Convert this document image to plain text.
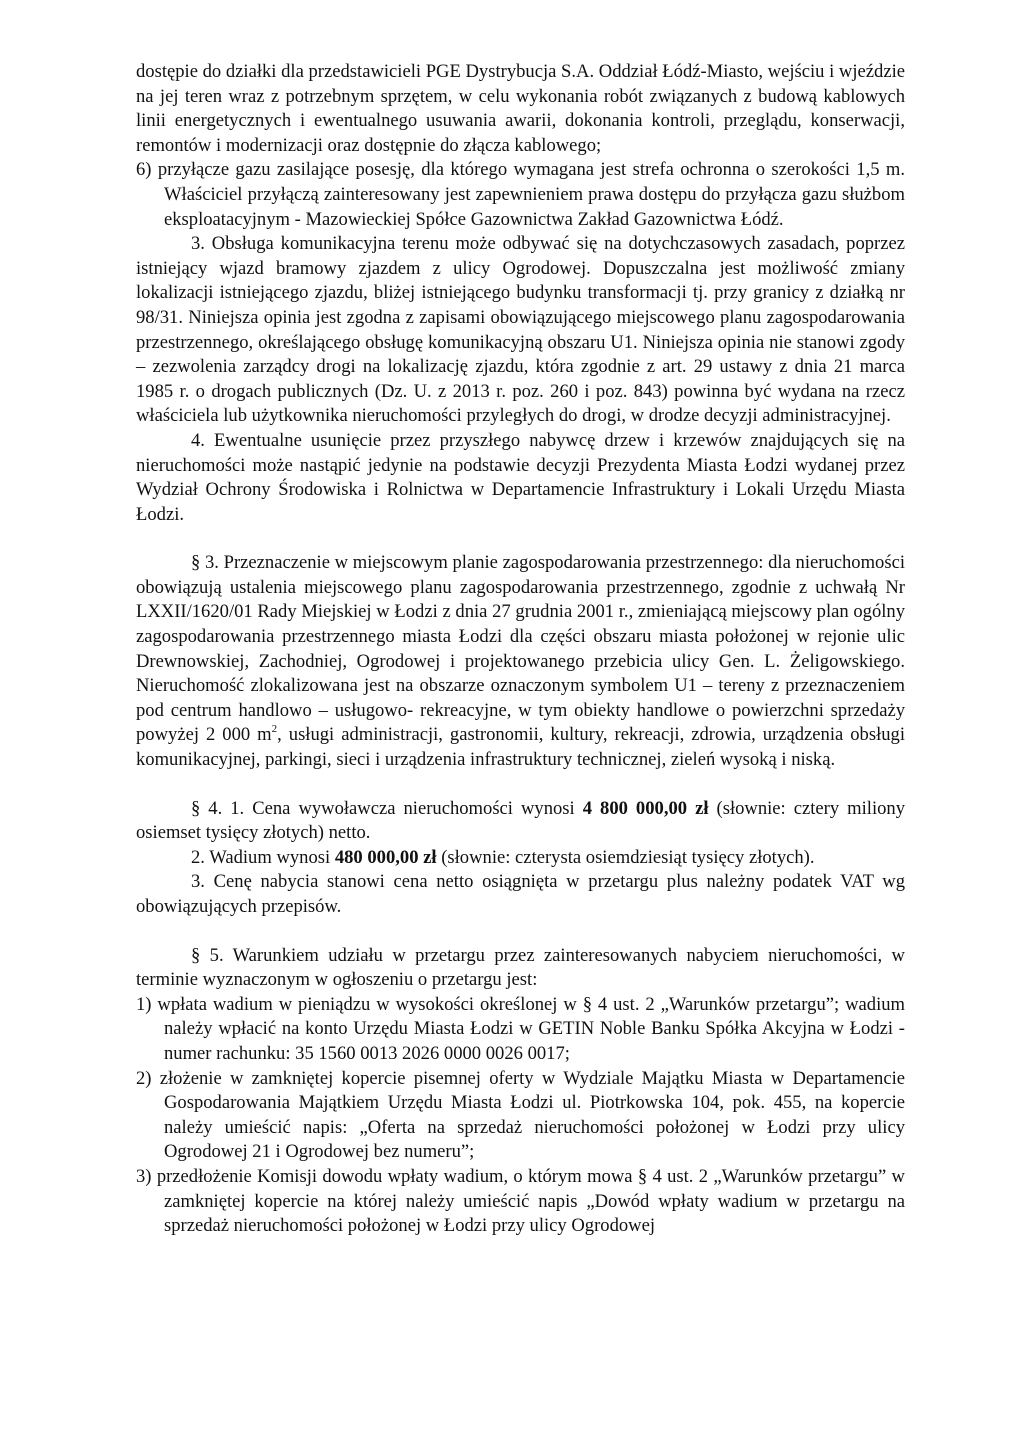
dostępie do działki dla przedstawicieli PGE Dystrybucja S.A. Oddział Łódź-Miasto, wejściu i wjeździe na jej teren wraz z potrzebnym sprzętem, w celu wykonania robót związanych z budową kablowych linii energetycznych i ewentualnego usuwania awarii, dokonania kontroli, przeglądu, konserwacji, remontów i modernizacji oraz dostępnie do złącza kablowego;

6) przyłącze gazu zasilające posesję, dla którego wymagana jest strefa ochronna o szerokości 1,5 m. Właściciel przyłączą zainteresowany jest zapewnieniem prawa dostępu do przyłącza gazu służbom eksploatacyjnym - Mazowieckiej Spółce Gazownictwa Zakład Gazownictwa Łódź.

3. Obsługa komunikacyjna terenu może odbywać się na dotychczasowych zasadach, poprzez istniejący wjazd bramowy zjazdem z ulicy Ogrodowej. Dopuszczalna jest możliwość zmiany lokalizacji istniejącego zjazdu, bliżej istniejącego budynku transformacji tj. przy granicy z działką nr 98/31. Niniejsza opinia jest zgodna z zapisami obowiązującego miejscowego planu zagospodarowania przestrzennego, określającego obsługę komunikacyjną obszaru U1. Niniejsza opinia nie stanowi zgody – zezwolenia zarządcy drogi na lokalizację zjazdu, która zgodnie z art. 29 ustawy z dnia 21 marca 1985 r. o drogach publicznych (Dz. U. z 2013 r. poz. 260 i poz. 843) powinna być wydana na rzecz właściciela lub użytkownika nieruchomości przyległych do drogi, w drodze decyzji administracyjnej.

4. Ewentualne usunięcie przez przyszłego nabywcę drzew i krzewów znajdujących się na nieruchomości może nastąpić jedynie na podstawie decyzji Prezydenta Miasta Łodzi wydanej przez Wydział Ochrony Środowiska i Rolnictwa w Departamencie Infrastruktury i Lokali Urzędu Miasta Łodzi.

§ 3. Przeznaczenie w miejscowym planie zagospodarowania przestrzennego: dla nieruchomości obowiązują ustalenia miejscowego planu zagospodarowania przestrzennego, zgodnie z uchwałą Nr LXXII/1620/01 Rady Miejskiej w Łodzi z dnia 27 grudnia 2001 r., zmieniającą miejscowy plan ogólny zagospodarowania przestrzennego miasta Łodzi dla części obszaru miasta położonej w rejonie ulic Drewnowskiej, Zachodniej, Ogrodowej i projektowanego przebicia ulicy Gen. L. Żeligowskiego. Nieruchomość zlokalizowana jest na obszarze oznaczonym symbolem U1 – tereny z przeznaczeniem pod centrum handlowo – usługowo- rekreacyjne, w tym obiekty handlowe o powierzchni sprzedaży powyżej 2 000 $m^2$, usługi administracji, gastronomii, kultury, rekreacji, zdrowia, urządzenia obsługi komunikacyjnej, parkingi, sieci i urządzenia infrastruktury technicznej, zieleń wysoką i niską.

§ 4. 1. Cena wywoławcza nieruchomości wynosi 4 800 000,00 zł (słownie: cztery miliony osiemset tysięcy złotych) netto.

2. Wadium wynosi 480 000,00 zł (słownie: czterysta osiemdziesiąt tysięcy złotych).

3. Cenę nabycia stanowi cena netto osiągnięta w przetargu plus należny podatek VAT wg obowiązujących przepisów.

§ 5. Warunkiem udziału w przetargu przez zainteresowanych nabyciem nieruchomości, w terminie wyznaczonym w ogłoszeniu o przetargu jest:

1) wpłata wadium w pieniądzu w wysokości określonej w § 4 ust. 2 „Warunków przetargu”; wadium należy wpłacić na konto Urzędu Miasta Łodzi w GETIN Noble Banku Spółka Akcyjna w Łodzi - numer rachunku: 35 1560 0013 2026 0000 0026 0017;

2) złożenie w zamkniętej kopercie pisemnej oferty w Wydziale Majątku Miasta w Departamencie Gospodarowania Majątkiem Urzędu Miasta Łodzi ul. Piotrkowska 104, pok. 455, na kopercie należy umieścić napis: „Oferta na sprzedaż nieruchomości położonej w Łodzi przy ulicy Ogrodowej 21 i Ogrodowej bez numeru”;

3) przedłożenie Komisji dowodu wpłaty wadium, o którym mowa § 4 ust. 2 „Warunków przetargu” w zamkniętej kopercie na której należy umieścić napis „Dowód wpłaty wadium w przetargu na sprzedaż nieruchomości położonej w Łodzi przy ulicy Ogrodowej
